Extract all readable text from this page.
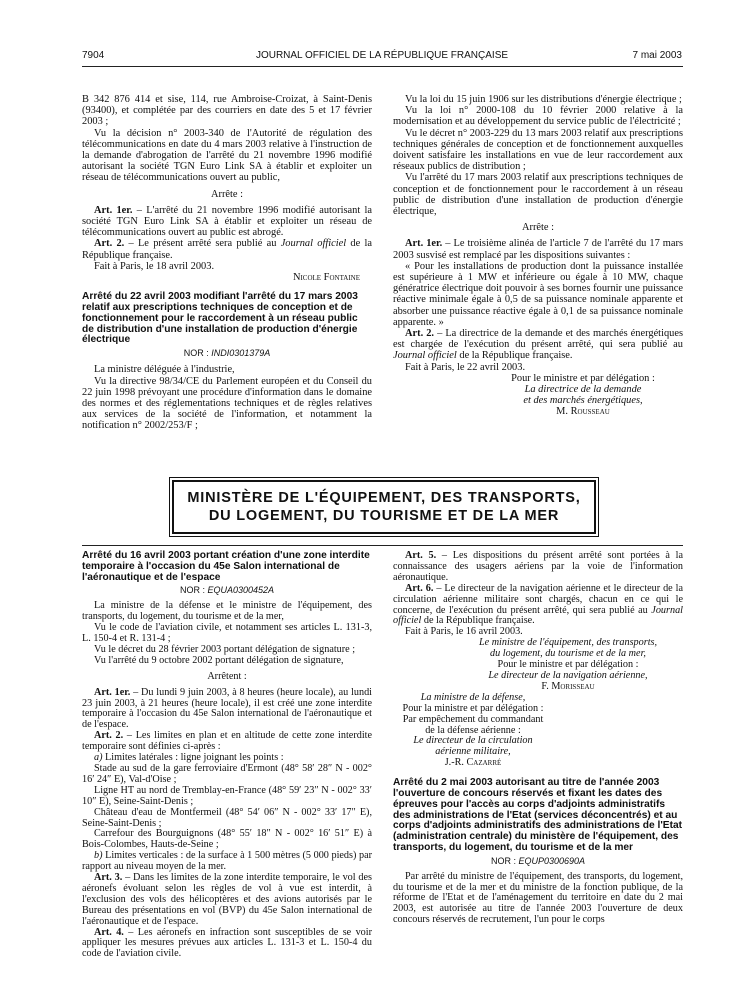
7904	JOURNAL OFFICIEL DE LA RÉPUBLIQUE FRANÇAISE	7 mai 2003

B 342 876 414 et sise, 114, rue Ambroise-Croizat, à Saint-Denis (93400), et complétée par des courriers en date des 5 et 17 février 2003 ;

Vu la décision n° 2003-340 de l'Autorité de régulation des télécommunications en date du 4 mars 2003 relative à l'instruction de la demande d'abrogation de l'arrêté du 21 novembre 1996 modifié autorisant la société TGN Euro Link SA à établir et exploiter un réseau de télécommunications ouvert au public,

Arrête :

Art. 1er. – L'arrêté du 21 novembre 1996 modifié autorisant la société TGN Euro Link SA à établir et exploiter un réseau de télécommunications ouvert au public est abrogé.

Art. 2. – Le présent arrêté sera publié au Journal officiel de la République française.

Fait à Paris, le 18 avril 2003.

Nicole Fontaine

Arrêté du 22 avril 2003 modifiant l'arrêté du 17 mars 2003 relatif aux prescriptions techniques de conception et de fonctionnement pour le raccordement à un réseau public de distribution d'une installation de production d'énergie électrique

NOR : INDI0301379A

La ministre déléguée à l'industrie,

Vu la directive 98/34/CE du Parlement européen et du Conseil du 22 juin 1998 prévoyant une procédure d'information dans le domaine des normes et des réglementations techniques et de règles relatives aux services de la société de l'information, et notamment la notification n° 2002/253/F ;

Vu la loi du 15 juin 1906 sur les distributions d'énergie électrique ;

Vu la loi n° 2000-108 du 10 février 2000 relative à la modernisation et au développement du service public de l'électricité ;

Vu le décret n° 2003-229 du 13 mars 2003 relatif aux prescriptions techniques générales de conception et de fonctionnement auxquelles doivent satisfaire les installations en vue de leur raccordement aux réseaux publics de distribution ;

Vu l'arrêté du 17 mars 2003 relatif aux prescriptions techniques de conception et de fonctionnement pour le raccordement à un réseau public de distribution d'une installation de production d'énergie électrique,

Arrête :

Art. 1er. – Le troisième alinéa de l'article 7 de l'arrêté du 17 mars 2003 susvisé est remplacé par les dispositions suivantes :

« Pour les installations de production dont la puissance installée est supérieure à 1 MW et inférieure ou égale à 10 MW, chaque génératrice électrique doit pouvoir à ses bornes fournir une puissance réactive minimale égale à 0,5 de sa puissance nominale apparente et absorber une puissance réactive égale à 0,1 de sa puissance nominale apparente. »

Art. 2. – La directrice de la demande et des marchés énergétiques est chargée de l'exécution du présent arrêté, qui sera publié au Journal officiel de la République française.

Fait à Paris, le 22 avril 2003.

Pour le ministre et par délégation :

La directrice de la demande

et des marchés énergétiques,

M. Rousseau

MINISTÈRE DE L'ÉQUIPEMENT, DES TRANSPORTS,
DU LOGEMENT, DU TOURISME ET DE LA MER

Arrêté du 16 avril 2003 portant création d'une zone interdite temporaire à l'occasion du 45e Salon international de l'aéronautique et de l'espace

NOR : EQUA0300452A

La ministre de la défense et le ministre de l'équipement, des transports, du logement, du tourisme et de la mer,

Vu le code de l'aviation civile, et notamment ses articles L. 131-3, L. 150-4 et R. 131-4 ;

Vu le décret du 28 février 2003 portant délégation de signature ;

Vu l'arrêté du 9 octobre 2002 portant délégation de signature,

Arrêtent :

Art. 1er. – Du lundi 9 juin 2003, à 8 heures (heure locale), au lundi 23 juin 2003, à 21 heures (heure locale), il est créé une zone interdite temporaire à l'occasion du 45e Salon international de l'aéronautique et de l'espace.

Art. 2. – Les limites en plan et en altitude de cette zone interdite temporaire sont définies ci-après :

a) Limites latérales : ligne joignant les points :

Stade au sud de la gare ferroviaire d'Ermont (48° 58′ 28″ N - 002° 16′ 24″ E), Val-d'Oise ;

Ligne HT au nord de Tremblay-en-France (48° 59′ 23″ N - 002° 33′ 10″ E), Seine-Saint-Denis ;

Château d'eau de Montfermeil (48° 54′ 06″ N - 002° 33′ 17″ E), Seine-Saint-Denis ;

Carrefour des Bourguignons (48° 55′ 18″ N - 002° 16′ 51″ E) à Bois-Colombes, Hauts-de-Seine ;

b) Limites verticales : de la surface à 1 500 mètres (5 000 pieds) par rapport au niveau moyen de la mer.

Art. 3. – Dans les limites de la zone interdite temporaire, le vol des aéronefs évoluant selon les règles de vol à vue est interdit, à l'exclusion des vols des hélicoptères et des avions autorisés par le Bureau des présentations en vol (BVP) du 45e Salon international de l'aéronautique et de l'espace.

Art. 4. – Les aéronefs en infraction sont susceptibles de se voir appliquer les mesures prévues aux articles L. 131-3 et L. 150-4 du code de l'aviation civile.

Art. 5. – Les dispositions du présent arrêté sont portées à la connaissance des usagers aériens par la voie de l'information aéronautique.

Art. 6. – Le directeur de la navigation aérienne et le directeur de la circulation aérienne militaire sont chargés, chacun en ce qui le concerne, de l'exécution du présent arrêté, qui sera publié au Journal officiel de la République française.

Fait à Paris, le 16 avril 2003.

Le ministre de l'équipement, des transports,

du logement, du tourisme et de la mer,

Pour le ministre et par délégation :

Le directeur de la navigation aérienne,

F. Morisseau

La ministre de la défense,

Pour la ministre et par délégation :

Par empêchement du commandant

de la défense aérienne :

Le directeur de la circulation

aérienne militaire,

J.-R. Cazarré

Arrêté du 2 mai 2003 autorisant au titre de l'année 2003 l'ouverture de concours réservés et fixant les dates des épreuves pour l'accès au corps d'adjoints administratifs des administrations de l'Etat (services déconcentrés) et au corps d'adjoints administratifs des administrations de l'Etat (administration centrale) du ministère de l'équipement, des transports, du logement, du tourisme et de la mer

NOR : EQUP0300690A

Par arrêté du ministre de l'équipement, des transports, du logement, du tourisme et de la mer et du ministre de la fonction publique, de la réforme de l'Etat et de l'aménagement du territoire en date du 2 mai 2003, est autorisée au titre de l'année 2003 l'ouverture de deux concours réservés de recrutement, l'un pour le corps
